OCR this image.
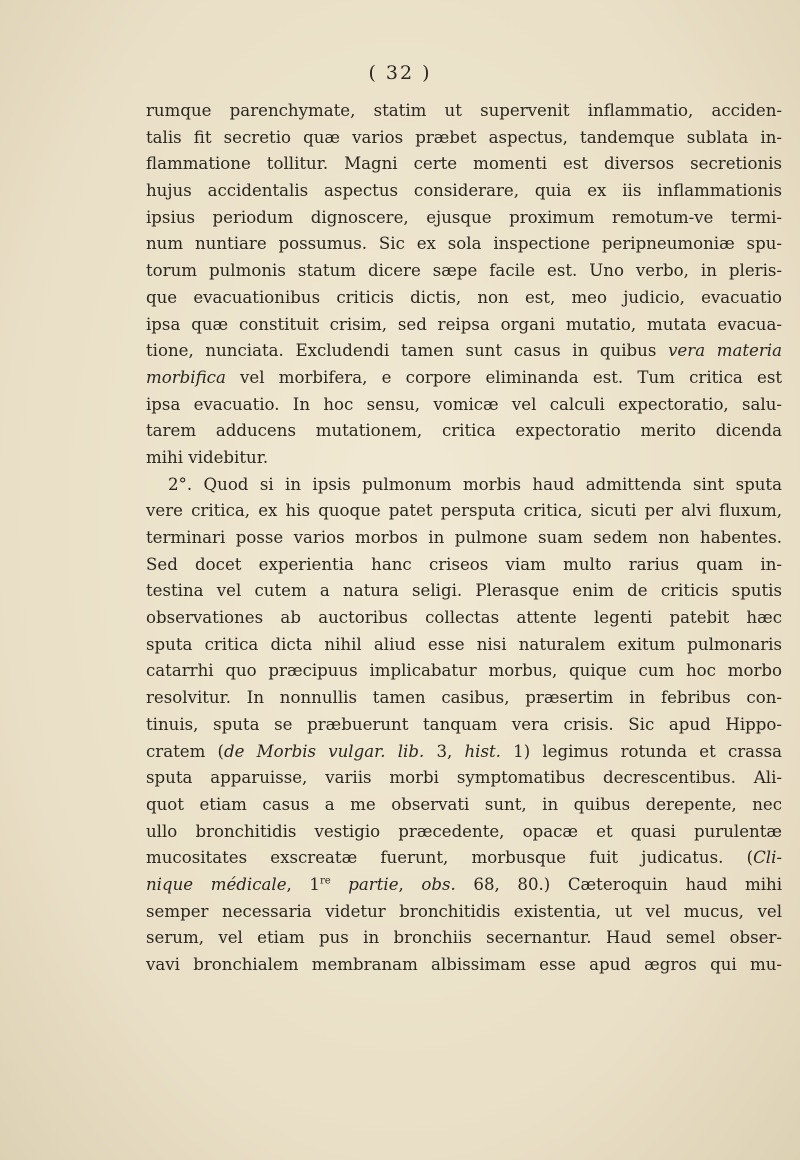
( 32 )
rumque parenchymate, statim ut supervenit inflammatio, acciden-
talis fit secretio quæ varios præbet aspectus, tandemque sublata in-
flammatione tollitur. Magni certe momenti est diversos secretionis
hujus accidentalis aspectus considerare, quia ex iis inflammationis
ipsius periodum dignoscere, ejusque proximum remotum-ve termi-
num nuntiare possumus. Sic ex sola inspectione peripneumoniæ spu-
torum pulmonis statum dicere sæpe facile est. Uno verbo, in pleris-
que evacuationibus criticis dictis, non est, meo judicio, evacuatio
ipsa quæ constituit crisim, sed reipsa organi mutatio, mutata evacua-
tione, nunciata. Excludendi tamen sunt casus in quibus vera materia
morbifica vel morbifera, e corpore eliminanda est. Tum critica est
ipsa evacuatio. In hoc sensu, vomicæ vel calculi expectoratio, salu-
tarem adducens mutationem, critica expectoratio merito dicenda
mihi videbitur.
2°. Quod si in ipsis pulmonum morbis haud admittenda sint sputa
vere critica, ex his quoque patet persputa critica, sicuti per alvi fluxum,
terminari posse varios morbos in pulmone suam sedem non habentes.
Sed docet experientia hanc criseos viam multo rarius quam in-
testina vel cutem a natura seligi. Plerasque enim de criticis sputis
observationes ab auctoribus collectas attente legenti patebit hæc
sputa critica dicta nihil aliud esse nisi naturalem exitum pulmonaris
catarrhi quo præcipuus implicabatur morbus, quique cum hoc morbo
resolvitur. In nonnullis tamen casibus, præsertim in febribus con-
tinuis, sputa se præbuerunt tanquam vera crisis. Sic apud Hippo-
cratem (de Morbis vulgar. lib. 3, hist. 1) legimus rotunda et crassa
sputa apparuisse, variis morbi symptomatibus decrescentibus. Ali-
quot etiam casus a me observati sunt, in quibus derepente, nec
ullo bronchitidis vestigio præcedente, opacæ et quasi purulentæ
mucositates exscreatæ fuerunt, morbusque fuit judicatus. (Cli-
nique médicale, 1re partie, obs. 68, 80.) Cæteroquin haud mihi
semper necessaria videtur bronchitidis existentia, ut vel mucus, vel
serum, vel etiam pus in bronchiis secernantur. Haud semel obser-
vavi bronchialem membranam albissimam esse apud ægros qui mu-
